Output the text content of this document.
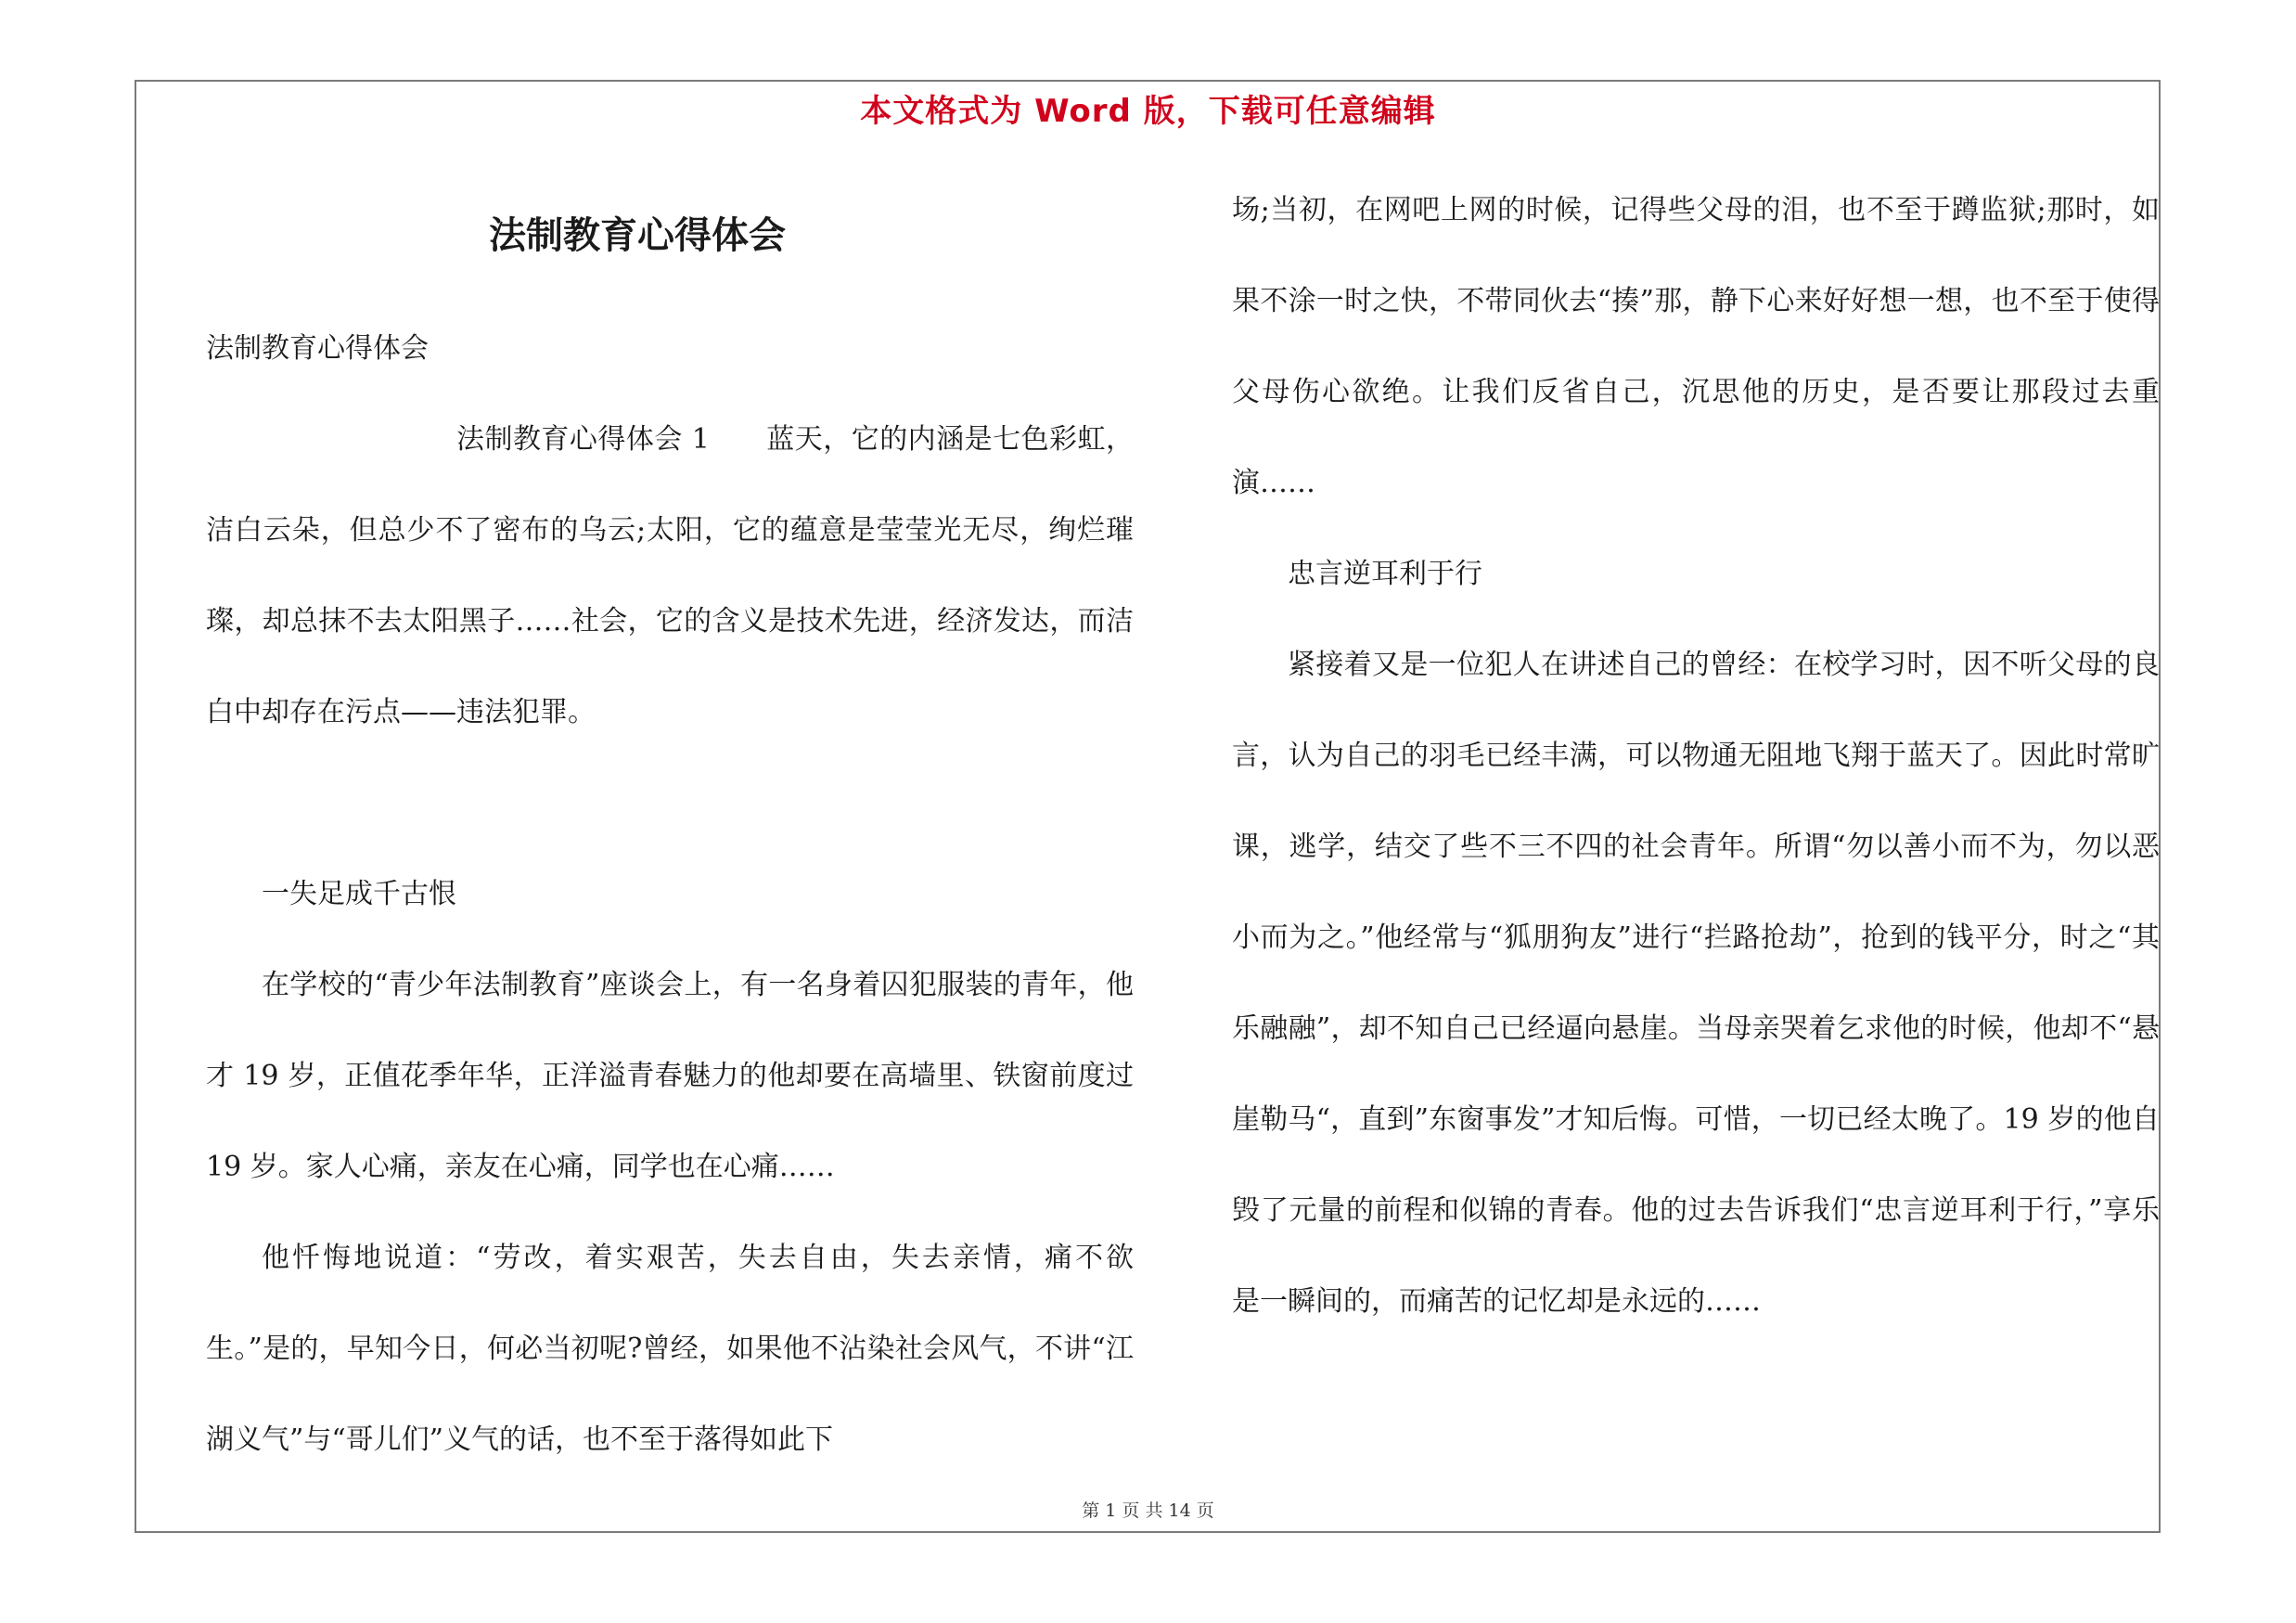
本文格式为 Word 版，下载可任意编辑
法制教育心得体会

法制教育心得体会

法制教育心得体会 1　　蓝天，它的内涵是七色彩虹，洁白云朵，但总少不了密布的乌云;太阳，它的蕴意是莹莹光无尽，绚烂璀璨，却总抹不去太阳黑子……社会，它的含义是技术先进，经济发达，而洁白中却存在污点——违法犯罪。

一失足成千古恨

在学校的“青少年法制教育”座谈会上，有一名身着囚犯服装的青年，他才 19 岁，正值花季年华，正洋溢青春魅力的他却要在高墙里、铁窗前度过 19 岁。家人心痛，亲友在心痛，同学也在心痛……

他忏悔地说道：“劳改，着实艰苦，失去自由，失去亲情，痛不欲生。”是的，早知今日，何必当初呢?曾经，如果他不沾染社会风气，不讲“江湖义气”与“哥儿们”义气的话，也不至于落得如此下

场;当初，在网吧上网的时候，记得些父母的泪，也不至于蹲监狱;那时，如果不涂一时之快，不带同伙去“揍”那，静下心来好好想一想，也不至于使得父母伤心欲绝。让我们反省自己，沉思他的历史，是否要让那段过去重演……

忠言逆耳利于行

紧接着又是一位犯人在讲述自己的曾经：在校学习时，因不听父母的良言，认为自己的羽毛已经丰满，可以物通无阻地飞翔于蓝天了。因此时常旷课，逃学，结交了些不三不四的社会青年。所谓“勿以善小而不为，勿以恶小而为之。”他经常与“狐朋狗友”进行“拦路抢劫”，抢到的钱平分，时之“其乐融融”，却不知自己已经逼向悬崖。当母亲哭着乞求他的时候，他却不“悬崖勒马“，直到”东窗事发”才知后悔。可惜，一切已经太晚了。19 岁的他自毁了元量的前程和似锦的青春。他的过去告诉我们“忠言逆耳利于行，”享乐是一瞬间的，而痛苦的记忆却是永远的……

第 1 页 共 14 页
